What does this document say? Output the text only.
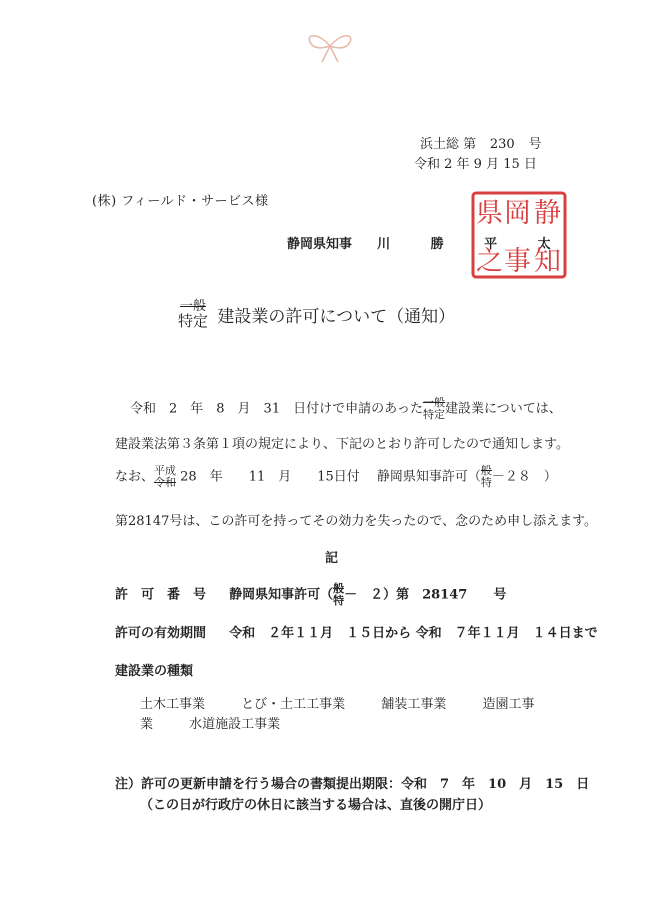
浜土総 第 230 号
令和 2 年 9 月 15 日
(株) フィールド・サービス様
静岡県知事 川 勝 平 太
静
岡
県
知
事
之
一般
特定 建設業の許可について（通知）
令和　2　年　8　月　31　日付けで申請のあった 一般
特定 建設業については、
建設業法第３条第１項の規定により、下記のとおり許可したので通知します。
なお、 平成
令和 28　年　　11　月　　15日付　 静岡県知事許可（ 般
特 －２８　）
第28147号は、この許可を持ってその効力を失ったので、念のため申し添えます。
記
許　可　番　号 静岡県知事許可（ 般
特 －　２）第　28147　　号
許可の有効期間 令和　２年１１月　１５日から 令和　７年１１月　１４日まで
建設業の種類
土木工事業	とび・土工工事業	舗装工事業	造園工事
業	水道施設工事業
注）許可の更新申請を行う場合の書類提出期限：令和　7　年　10　月　15　日
（この日が行政庁の休日に該当する場合は、直後の開庁日）
